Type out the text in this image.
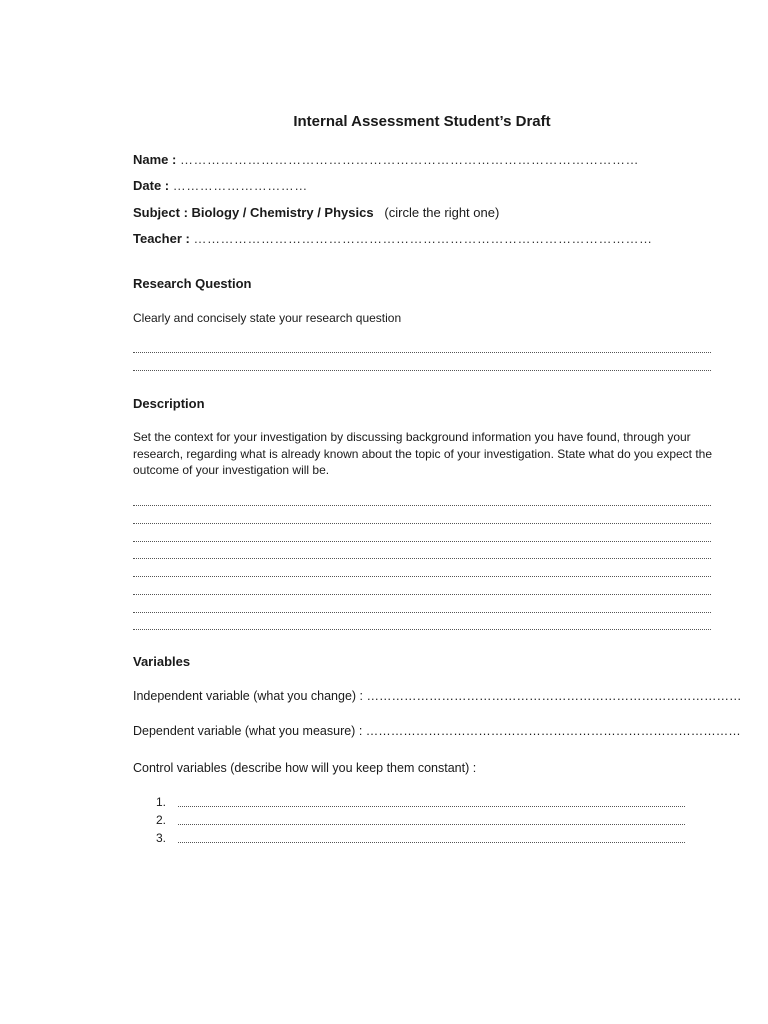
Internal Assessment Student’s Draft
Name : …………………………………………………………………………………………
Date : …………………………
Subject : Biology / Chemistry / Physics (circle the right one)
Teacher : …………………………………………………………………………………………
Research Question
Clearly and concisely state your research question
Description
Set the context for your investigation by discussing background information you have found, through your research, regarding what is already known about the topic of your investigation. State what do you expect the outcome of your investigation will be.
Variables
Independent variable (what you change) : ………………………………………………………………………………
Dependent variable (what you measure) : ………………………………………………………………………………
Control variables (describe how will you keep them constant) :
1.
2.
3.
